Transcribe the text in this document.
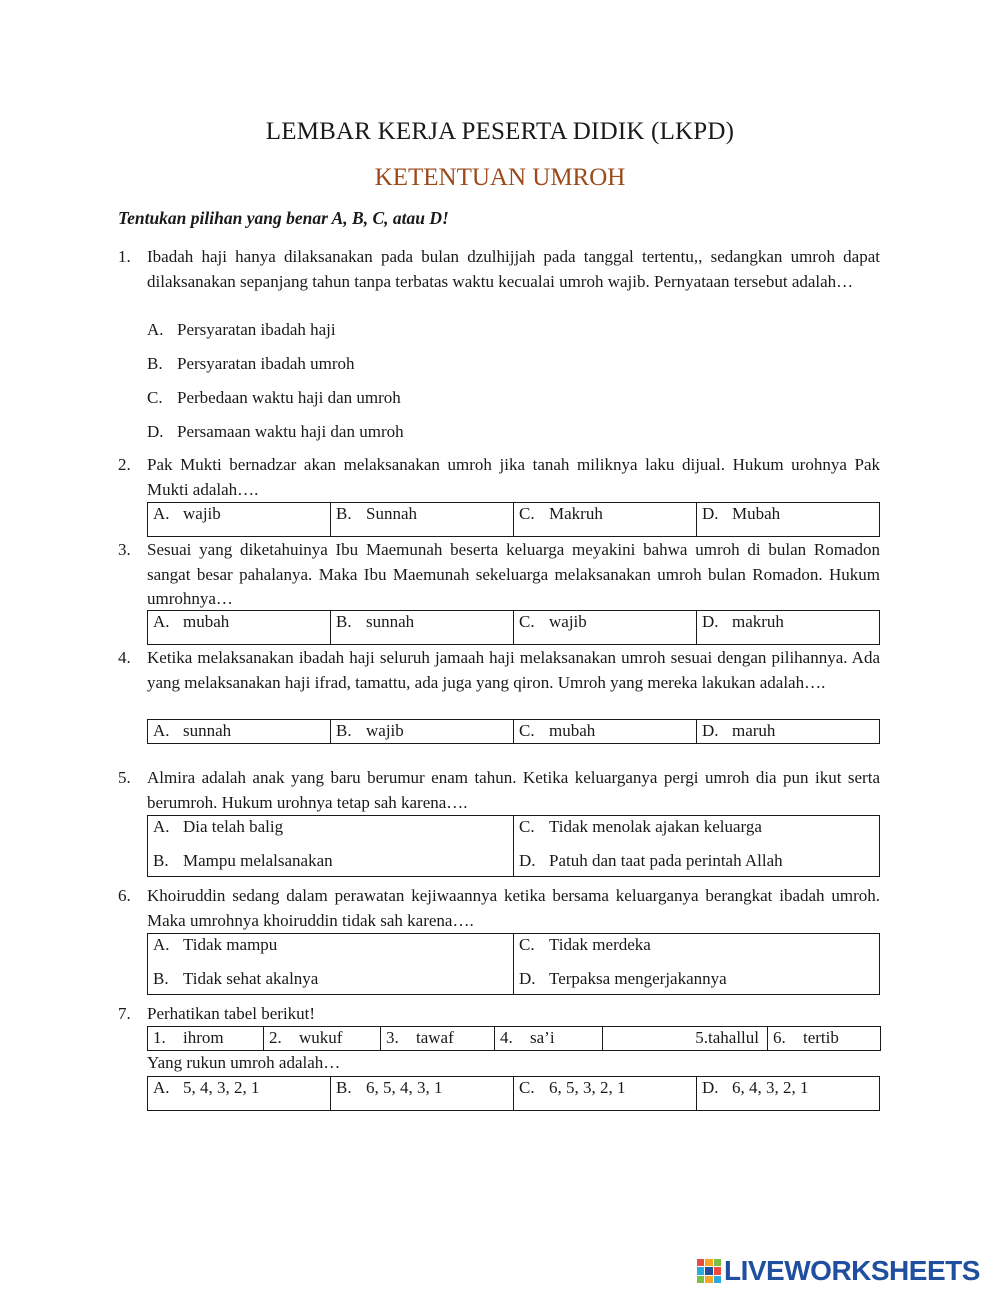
LEMBAR KERJA PESERTA DIDIK (LKPD)
KETENTUAN UMROH
Tentukan pilihan yang benar A, B, C, atau D!
1. Ibadah haji hanya dilaksanakan pada bulan dzulhijjah pada tanggal tertentu,, sedangkan umroh dapat dilaksanakan sepanjang tahun tanpa terbatas waktu kecualai umroh wajib. Pernyataan tersebut adalah…
A. Persyaratan ibadah haji
B. Persyaratan ibadah umroh
C. Perbedaan waktu haji dan umroh
D. Persamaan waktu haji dan umroh
2. Pak Mukti bernadzar akan melaksanakan umroh jika tanah miliknya laku dijual. Hukum urohnya Pak Mukti adalah….
A. wajib	B. Sunnah	C. Makruh	D. Mubah
3. Sesuai yang diketahuinya Ibu Maemunah beserta keluarga meyakini bahwa umroh di bulan Romadon sangat besar pahalanya. Maka Ibu Maemunah sekeluarga melaksanakan umroh bulan Romadon. Hukum umrohnya…
A. mubah	B. sunnah	C. wajib	D. makruh
4. Ketika melaksanakan ibadah haji seluruh jamaah haji melaksanakan umroh sesuai dengan pilihannya. Ada yang melaksanakan haji ifrad, tamattu, ada juga yang qiron. Umroh yang mereka lakukan adalah….
A. sunnah	B. wajib	C. mubah	D. maruh
5. Almira adalah anak yang baru berumur enam tahun. Ketika keluarganya pergi umroh dia pun ikut serta berumroh. Hukum urohnya tetap sah karena….
A. Dia telah balig	C. Tidak menolak ajakan keluarga
B. Mampu melalsanakan	D. Patuh dan taat pada perintah Allah
6. Khoiruddin sedang dalam perawatan kejiwaannya ketika bersama keluarganya berangkat ibadah umroh. Maka umrohnya khoiruddin tidak sah karena….
A. Tidak mampu	C. Tidak merdeka
B. Tidak sehat akalnya	D. Terpaksa mengerjakannya
7. Perhatikan tabel berikut!
1. ihrom	2. wukuf	3. tawaf	4. sa’i	5.tahallul	6. tertib
Yang rukun umroh adalah…
A. 5, 4, 3, 2, 1	B. 6, 5, 4, 3, 1	C. 6, 5, 3, 2, 1	D. 6, 4, 3, 2, 1
LIVEWORKSHEETS
